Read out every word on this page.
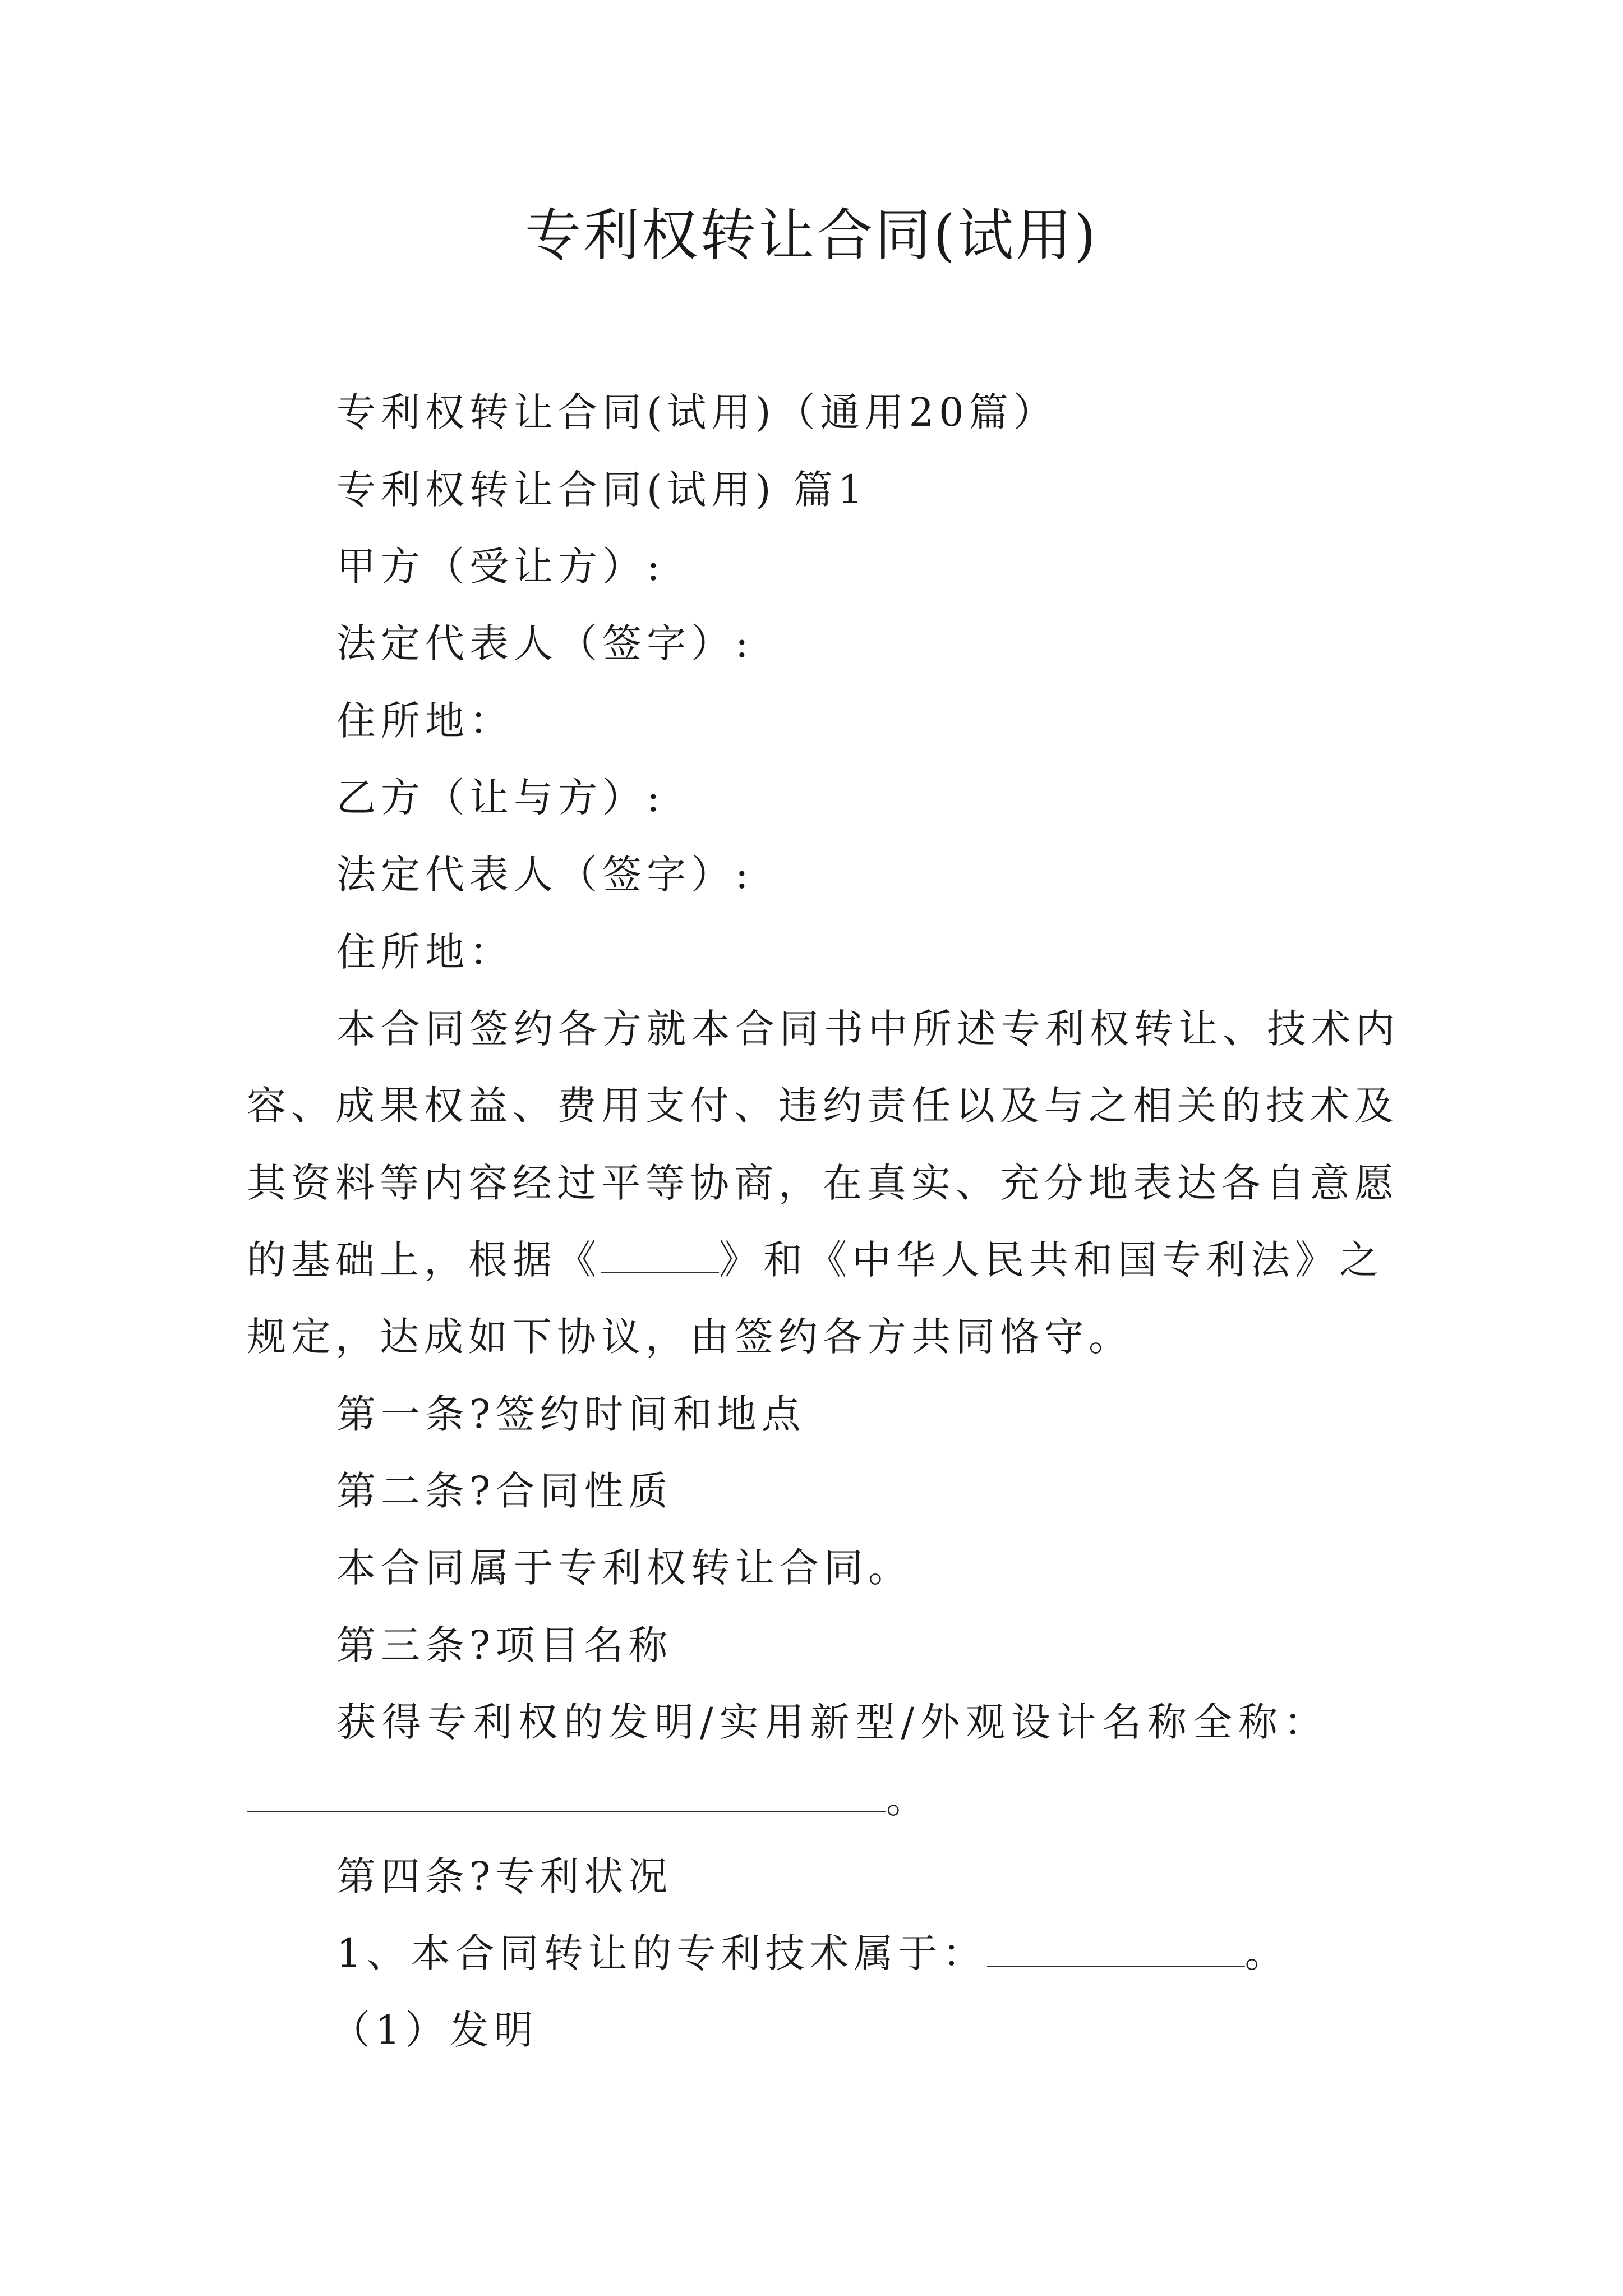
专利权转让合同(试用)
专利权转让合同(试用)（通用20篇）
专利权转让合同(试用) 篇1
甲方（受让方）:
法定代表人（签字）:
住所地：
乙方（让与方）:
法定代表人（签字）:
住所地：
本合同签约各方就本合同书中所述专利权转让、技术内
容、成果权益、费用支付、违约责任以及与之相关的技术及
其资料等内容经过平等协商，在真实、充分地表达各自意愿
的基础上，根据《	》和《中华人民共和国专利法》之
规定，达成如下协议，由签约各方共同恪守。
第一条?签约时间和地点
第二条?合同性质
本合同属于专利权转让合同。
第三条?项目名称
获得专利权的发明/实用新型/外观设计名称全称：
。
第四条?专利状况
1、本合同转让的专利技术属于：	。
（1）发明
